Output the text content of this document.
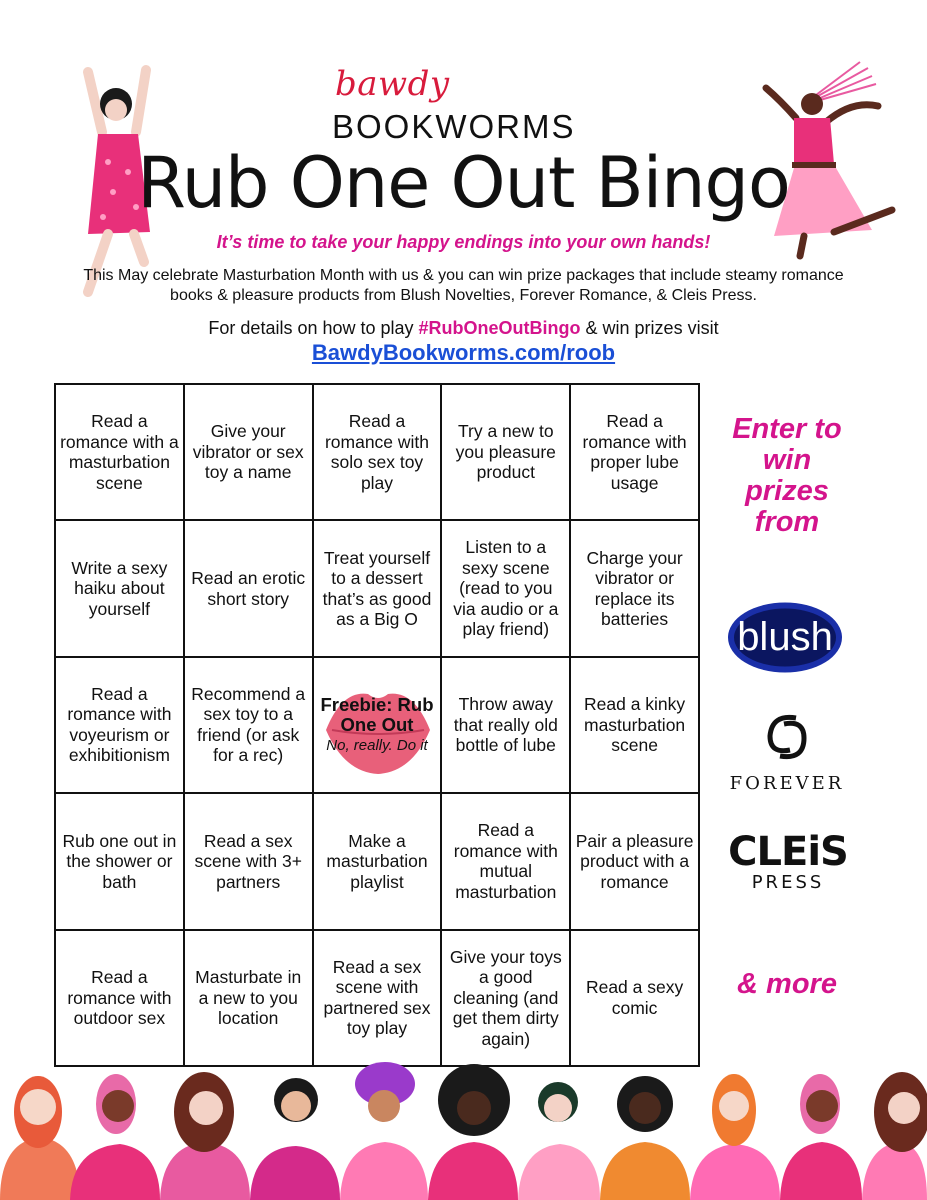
bawdy
BOOKWORMS
Rub One Out Bingo
It’s time to take your happy endings into your own hands!
This May celebrate Masturbation Month with us & you can win prize packages that include steamy romance books & pleasure products from Blush Novelties, Forever Romance, & Cleis Press.
For details on how to play #RubOneOutBingo & win prizes visit
BawdyBookworms.com/roob
Read a romance with a masturbation scene
Give your vibrator or sex toy a name
Read a romance with solo sex toy play
Try a new to you pleasure product
Read a romance with proper lube usage
Write a sexy haiku about yourself
Read an erotic short story
Treat yourself to a dessert that’s as good as a Big O
Listen to a sexy scene (read to you via audio or a play friend)
Charge your vibrator or replace its batteries
Read a romance with voyeurism or exhibitionism
Recommend a sex toy to a friend (or ask for a rec)
Freebie: Rub One Out
No, really. Do it
Throw away that really old bottle of lube
Read a kinky masturbation scene
Rub one out in the shower or bath
Read a sex scene with 3+ partners
Make a masturbation playlist
Read a romance with mutual masturbation
Pair a pleasure product with a romance
Read a romance with outdoor sex
Masturbate in a new to you location
Read a sex scene with partnered sex toy play
Give your toys a good cleaning (and get them dirty again)
Read a sexy comic
Enter to win prizes from
blush
FOREVER
CLEiS
PRESS
& more
